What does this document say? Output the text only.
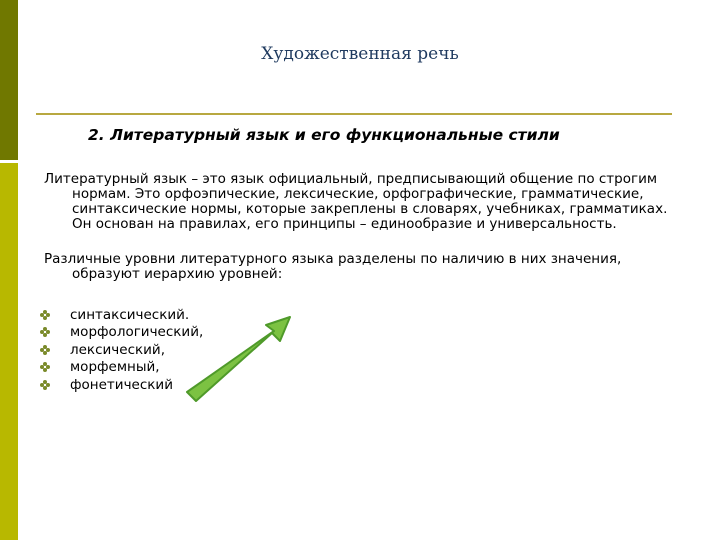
Художественная речь
2. Литературный язык и его функциональные стили
Литературный язык – это язык официальный, предписывающий общение по строгим нормам. Это орфоэпические, лексические, орфографические, грамматические, синтаксические нормы, которые закреплены в словарях, учебниках, грамматиках. Он основан на правилах, его принципы – единообразие и универсальность.
Различные уровни литературного языка разделены по наличию в них значения, образуют иерархию уровней:
синтаксический.
морфологический,
лексический,
морфемный,
фонетический
